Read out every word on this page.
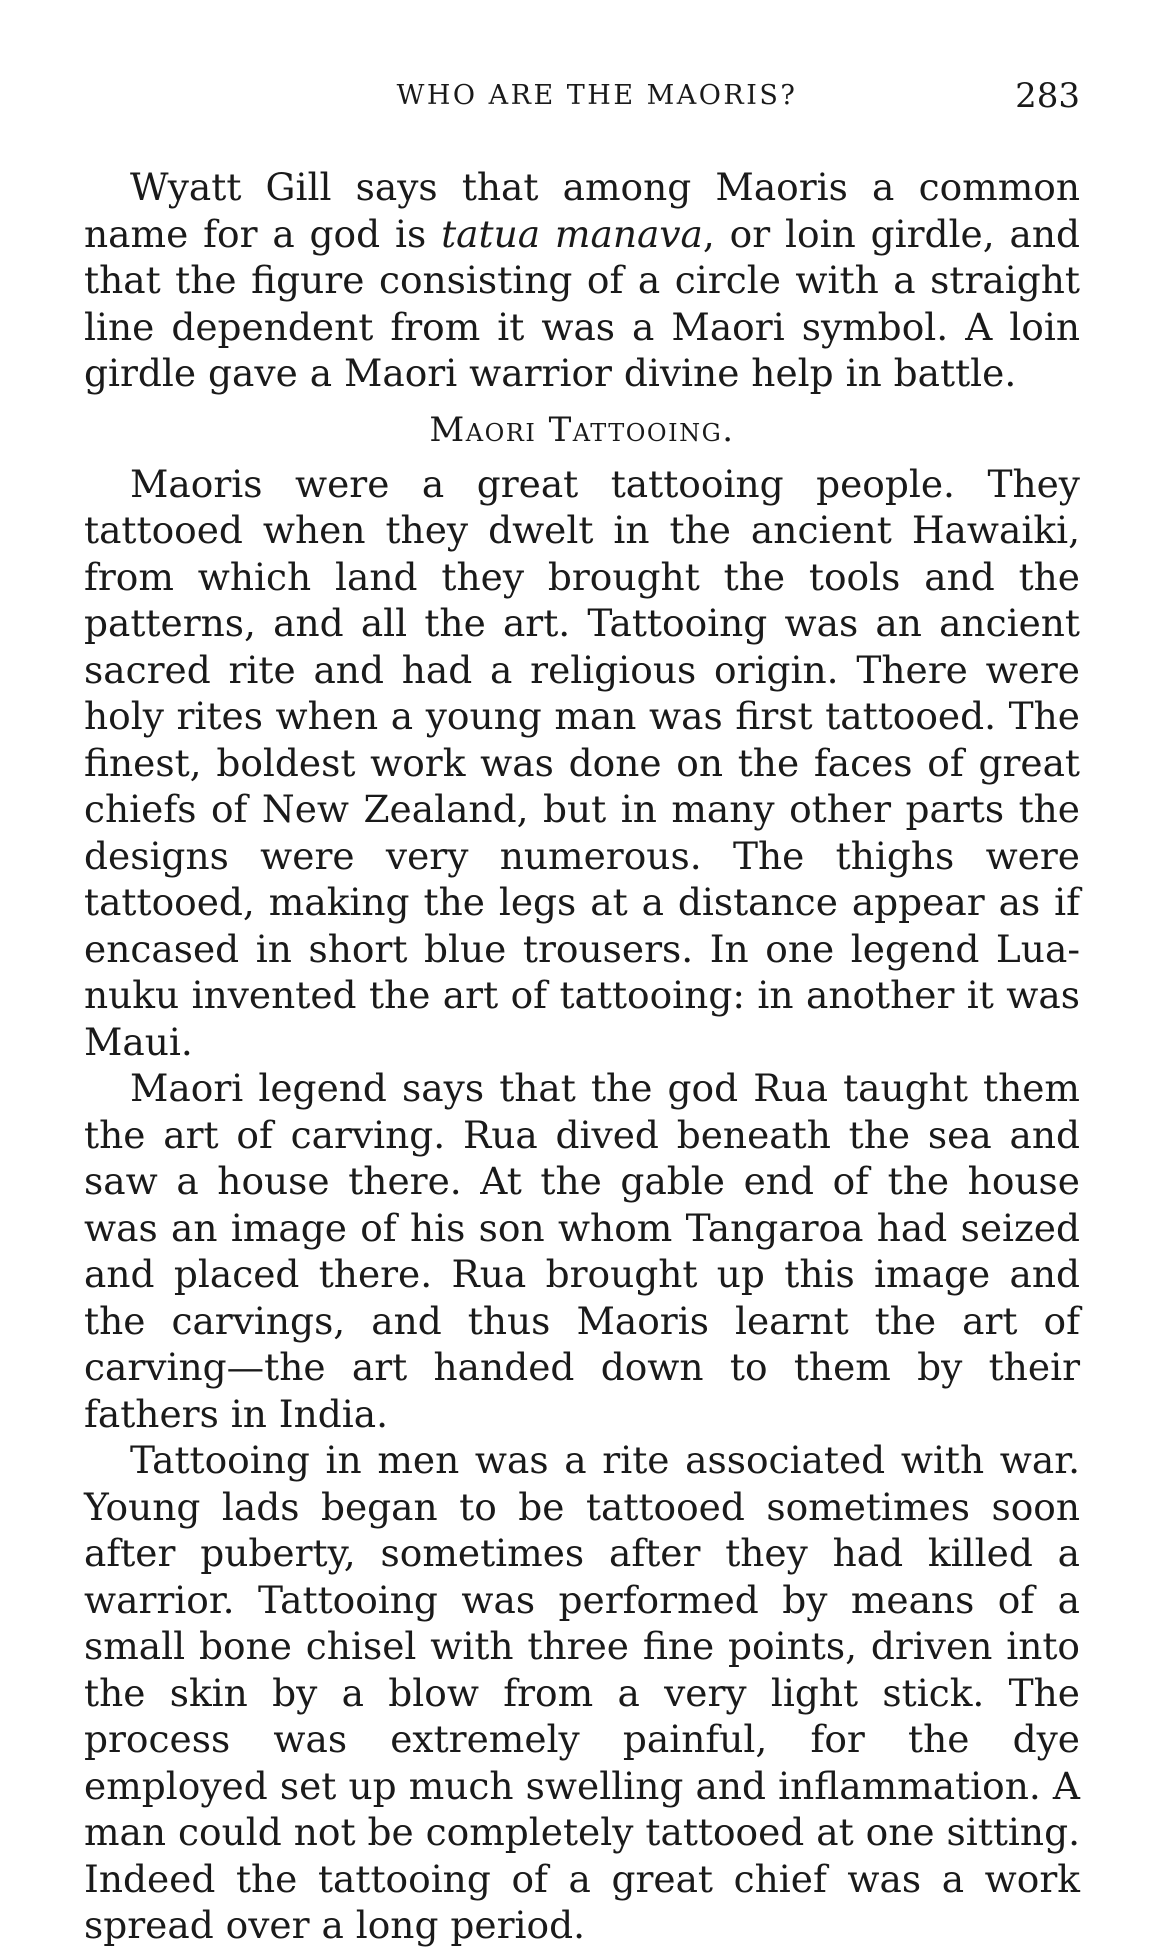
WHO ARE THE MAORIS?	283

Wyatt Gill says that among Maoris a common name for a god is tatua manava, or loin girdle, and that the figure consisting of a circle with a straight line dependent from it was a Maori symbol. A loin girdle gave a Maori warrior divine help in battle.

Maori Tattooing.

Maoris were a great tattooing people. They tattooed when they dwelt in the ancient Hawaiki, from which land they brought the tools and the patterns, and all the art. Tattooing was an ancient sacred rite and had a religious origin. There were holy rites when a young man was first tattooed. The finest, boldest work was done on the faces of great chiefs of New Zealand, but in many other parts the designs were very numerous. The thighs were tattooed, making the legs at a distance appear as if encased in short blue trousers. In one legend Lua-nuku invented the art of tattooing: in another it was Maui.

Maori legend says that the god Rua taught them the art of carving. Rua dived beneath the sea and saw a house there. At the gable end of the house was an image of his son whom Tangaroa had seized and placed there. Rua brought up this image and the carvings, and thus Maoris learnt the art of carving—the art handed down to them by their fathers in India.

Tattooing in men was a rite associated with war. Young lads began to be tattooed sometimes soon after puberty, sometimes after they had killed a warrior. Tattooing was performed by means of a small bone chisel with three fine points, driven into the skin by a blow from a very light stick. The process was extremely painful, for the dye employed set up much swelling and inflammation. A man could not be completely tattooed at one sitting. Indeed the tattooing of a great chief was a work spread over a long period.
